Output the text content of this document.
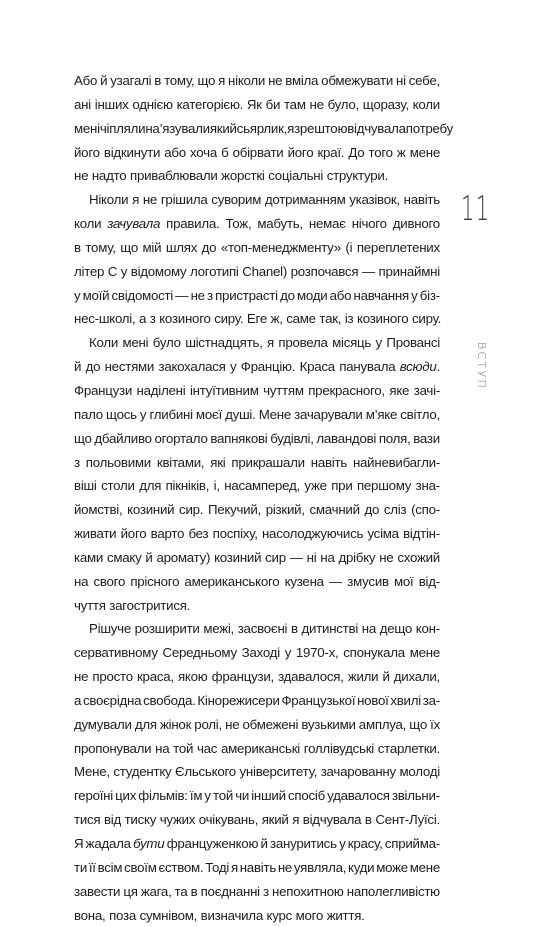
Або й узагалі в тому, що я ніколи не вміла обмежувати ні себе,
ані інших однією категорією. Як би там не було, щоразу, коли
мені чіпляли на’язували якийсь ярлик, я зрештою відчувала потребу
його відкинути або хоча б обірвати його краї. До того ж мене
не надто приваблювали жорсткі соціальні структури.
Ніколи я не грішила суворим дотриманням указівок, навіть
коли зачувала правила. Тож, мабуть, немає нічого дивного
в тому, що мій шлях до «топ-менеджменту» (і переплетених
літер С у відомому логотипі Chanel) розпочався — принаймні
у моїй свідомості — не з пристрасті до моди або навчання у біз-
нес-школі, а з козиного сиру. Еге ж, саме так, із козиного сиру.
Коли мені було шістнадцять, я провела місяць у Провансі
й до нестями закохалася у Францію. Краса панувала всюди.
Французи наділені інтуїтивним чуттям прекрасного, яке зачі-
пало щось у глибині моєї душі. Мене зачарували м’яке світло,
що дбайливо огортало вапнякові будівлі, лавандові поля, вази
з польовими квітами, які прикрашали навіть найневибагли-
віші столи для пікніків, і, насамперед, уже при першому зна-
йомстві, козиний сир. Пекучий, різкий, смачний до сліз (спо-
живати його варто без поспіху, насолоджуючись усіма відтін-
ками смаку й аромату) козиний сир — ні на дрібку не схожий
на свого прісного американського кузена — змусив мої від-
чуття загостритися.
Рішуче розширити межі, засвоєні в дитинстві на дещо кон-
сервативному Середньому Заході у 1970-х, спонукала мене
не просто краса, якою французи, здавалося, жили й дихали,
а своєрідна свобода. Кінорежисери Французької нової хвилі за-
думували для жінок ролі, не обмежені вузькими амплуа, що їх
пропонували на той час американські голлівудські старлетки.
Мене, студентку Єльського університету, зачарованну молоді
героїні цих фільмів: їм у той чи інший спосіб удавалося звільни-
тися від тиску чужих очікувань, який я відчувала в Сент-Луїсі.
Я жадала бути француженкою й зануритись у красу, сприйма-
ти її всім своїм єством. Тоді я навіть не уявляла, куди може мене
завести ця жага, та в поєднанні з непохитною наполегливістю
вона, поза сумнівом, визначила курс мого життя.
11
ВСТУП
